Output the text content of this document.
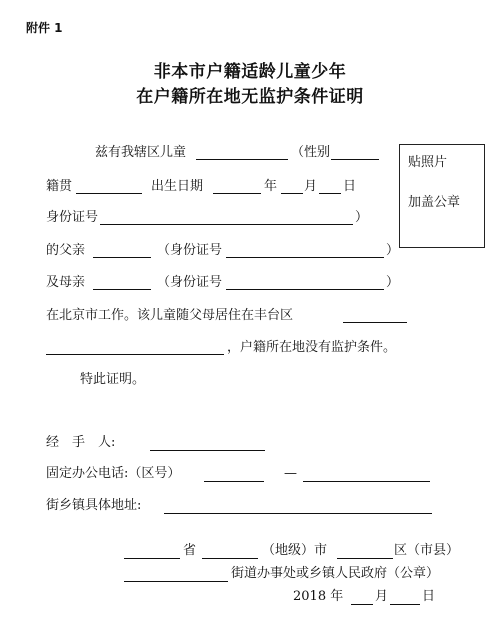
附件 1
非本市户籍适龄儿童少年
在户籍所在地无监护条件证明
贴照片
加盖公章
兹有我辖区儿童	（性别
籍贯	出生日期	年 月 日
身份证号	）
的父亲	（身份证号	）
及母亲	（身份证号	）
在北京市工作。该儿童随父母居住在丰台区
，户籍所在地没有监护条件。
特此证明。
经　手　人:
固定办公电话:（区号）	—
街乡镇具体地址:
省	（地级）市	区（市县）
街道办事处或乡镇人民政府（公章）
2018 年 月	日
